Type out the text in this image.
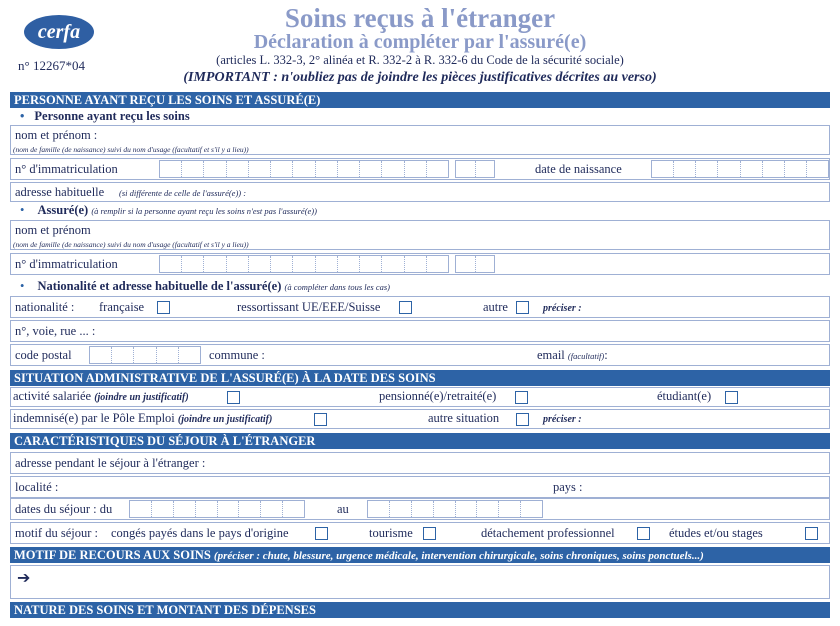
cerfa
n° 12267*04
Soins reçus à l'étranger
Déclaration à compléter par l'assuré(e)
(articles L. 332-3, 2° alinéa et R. 332-2 à R. 332-6 du Code de la sécurité sociale)
(IMPORTANT : n'oubliez pas de joindre les pièces justificatives décrites au verso)
PERSONNE AYANT REÇU LES SOINS ET ASSURÉ(E)
• Personne ayant reçu les soins
nom et prénom :
(nom de famille (de naissance) suivi du nom d'usage (facultatif et s'il y a lieu))
n° d'immatriculation	date de naissance
adresse habituelle (si différente de celle de l'assuré(e)) :
• Assuré(e) (à remplir si la personne ayant reçu les soins n'est pas l'assuré(e))
nom et prénom
(nom de famille (de naissance) suivi du nom d'usage (facultatif et s'il y a lieu))
n° d'immatriculation
• Nationalité et adresse habituelle de l'assuré(e) (à compléter dans tous les cas)
nationalité : française	ressortissant UE/EEE/Suisse	autre	préciser :
n°, voie, rue ... :
code postal	commune :	email (facultatif):
SITUATION ADMINISTRATIVE DE L'ASSURÉ(E) À LA DATE DES SOINS
activité salariée (joindre un justificatif)	pensionné(e)/retraité(e)	étudiant(e)
indemnisé(e) par le Pôle Emploi (joindre un justificatif)	autre situation	préciser :
CARACTÉRISTIQUES DU SÉJOUR À L'ÉTRANGER
adresse pendant le séjour à l'étranger :
localité :	pays :
dates du séjour : du	au
motif du séjour : congés payés dans le pays d'origine	tourisme	détachement professionnel	études et/ou stages
MOTIF DE RECOURS AUX SOINS (préciser : chute, blessure, urgence médicale, intervention chirurgicale, soins chroniques, soins ponctuels...)
➔
NATURE DES SOINS ET MONTANT DES DÉPENSES
